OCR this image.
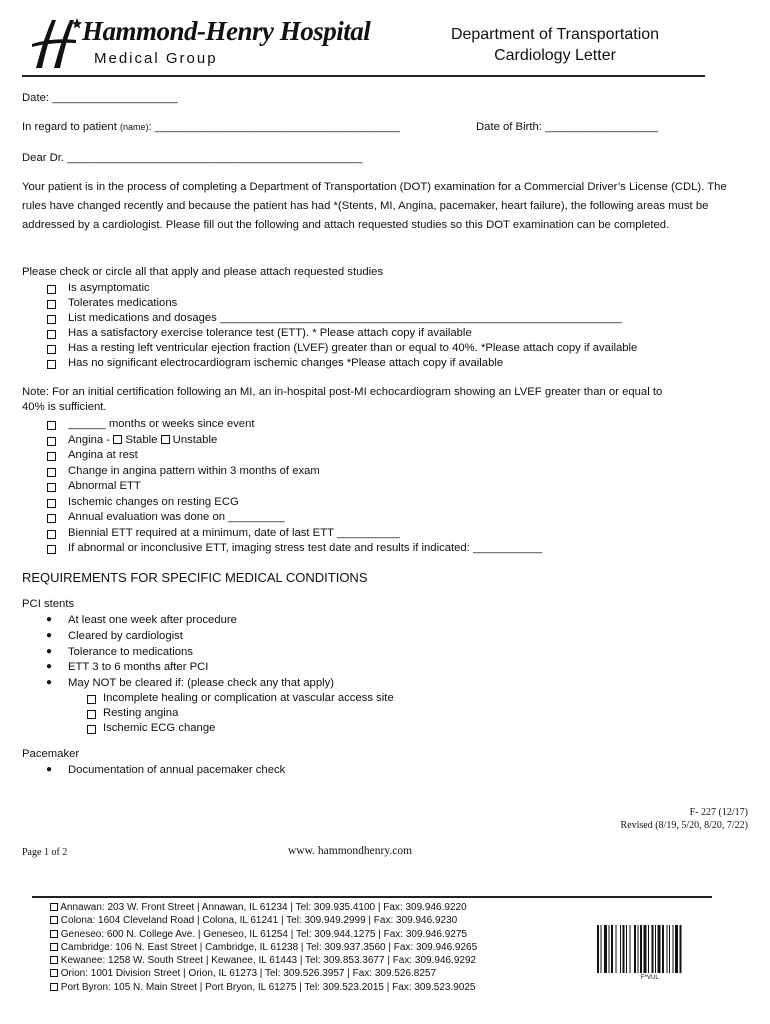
Hammond-Henry Hospital
Medical Group
Department of Transportation
Cardiology Letter
Date: ____________________
In regard to patient (name): _______________________________________	Date of Birth: __________________
Dear Dr. _______________________________________________
Your patient is in the process of completing a Department of Transportation (DOT) examination for a Commercial Driver’s License (CDL). The rules have changed recently and because the patient has had *(Stents, MI, Angina, pacemaker, heart failure), the following areas must be addressed by a cardiologist. Please fill out the following and attach requested studies so this DOT examination can be completed.
Please check or circle all that apply and please attach requested studies
Is asymptomatic
Tolerates medications
List medications and dosages ________________________________________________________________
Has a satisfactory exercise tolerance test (ETT). * Please attach copy if available
Has a resting left ventricular ejection fraction (LVEF) greater than or equal to 40%. *Please attach copy if available
Has no significant electrocardiogram ischemic changes *Please attach copy if available
Note: For an initial certification following an MI, an in-hospital post-MI echocardiogram showing an LVEF greater than or equal to
40% is sufficient.
______ months or weeks since event
Angina -  Stable  Unstable
Angina at rest
Change in angina pattern within 3 months of exam
Abnormal ETT
Ischemic changes on resting ECG
Annual evaluation was done on _________
Biennial ETT required at a minimum, date of last ETT __________
If abnormal or inconclusive ETT, imaging stress test date and results if indicated: ___________
REQUIREMENTS FOR SPECIFIC MEDICAL CONDITIONS
PCI stents
● At least one week after procedure
● Cleared by cardiologist
● Tolerance to medications
● ETT 3 to 6 months after PCI
● May NOT be cleared if: (please check any that apply)
Incomplete healing or complication at vascular access site
Resting angina
Ischemic ECG change
Pacemaker
● Documentation of annual pacemaker check
F- 227 (12/17)
Revised (8/19, 5/20, 8/20, 7/22)
Page 1 of 2	www. hammondhenry.com
Annawan: 203 W. Front Street | Annawan, IL 61234 | Tel: 309.935.4100 | Fax: 309.946.9220
Colona: 1604 Cleveland Road | Colona, IL 61241 | Tel: 309.949.2999 | Fax: 309.946.9230
Geneseo: 600 N. College Ave. | Geneseo, IL 61254 | Tel: 309.944.1275 | Fax: 309.946.9275
Cambridge: 106 N. East Street | Cambridge, IL 61238 | Tel: 309.937.3560 | Fax: 309.946.9265
Kewanee: 1258 W. South Street | Kewanee, IL 61443 | Tel: 309.853.3677 | Fax: 309.946.9292
Orion: 1001 Division Street | Orion, IL 61273 | Tel: 309.526.3957 | Fax: 309.526.8257
Port Byron: 105 N. Main Street | Port Bryon, IL 61275 | Tel: 309.523.2015 | Fax: 309.523.9025
F*VUL
